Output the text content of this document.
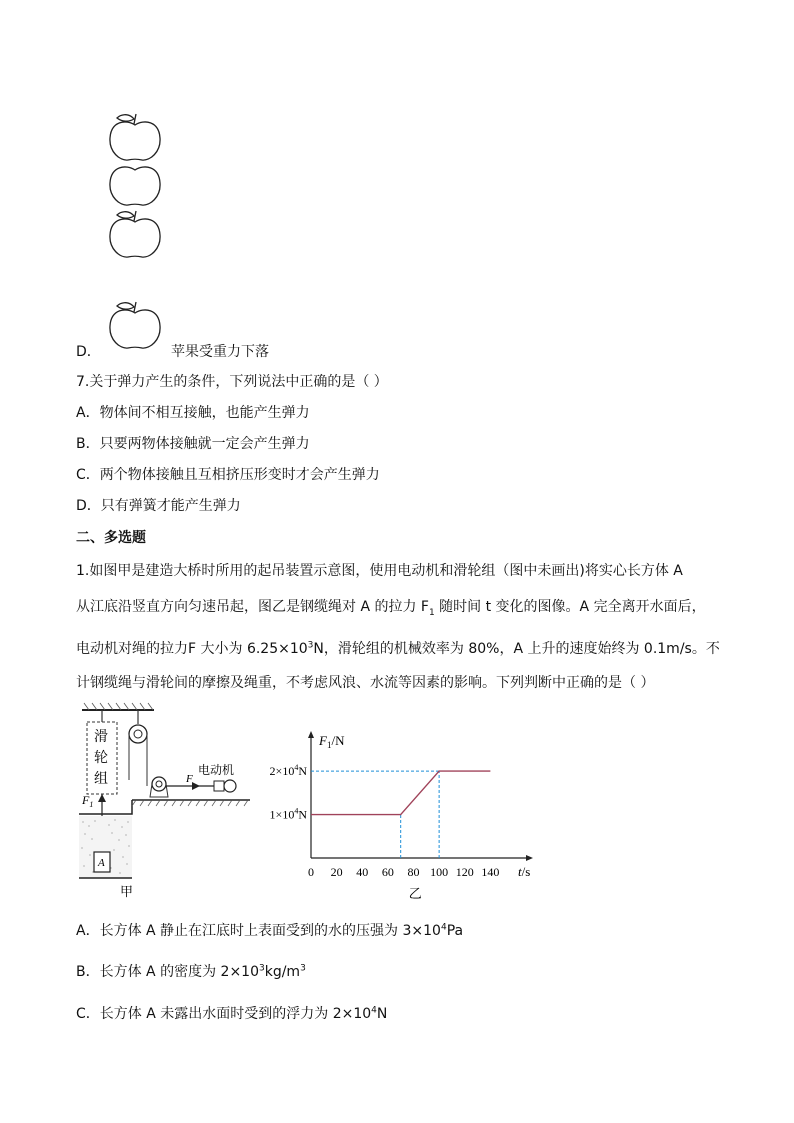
D．	苹果受重力下落
7.关于弹力产生的条件，下列说法中正确的是（ ）
A．物体间不相互接触，也能产生弹力
B．只要两物体接触就一定会产生弹力
C．两个物体接触且互相挤压形变时才会产生弹力
D．只有弹簧才能产生弹力
二、多选题
1.如图甲是建造大桥时所用的起吊装置示意图，使用电动机和滑轮组（图中未画出)将实心长方体 A
从江底沿竖直方向匀速吊起，图乙是钢缆绳对 A 的拉力 $F_1$ 随时间 t 变化的图像。A 完全离开水面后，
电动机对绳的拉力F 大小为 $6.25\times 10^3N$，滑轮组的机械效率为 80%，A 上升的速度始终为 0.1m/s。不
计钢缆绳与滑轮间的摩擦及绳重，不考虑风浪、水流等因素的影响。下列判断中正确的是（ ）
滑
轮
组	F
电动机
$F_1$
A
甲
$F_1/N$
t/s
0 20 40 60 80 100 120 140
$1\times 10^4N$
$2\times 10^4N$
乙
A．长方体 A 静止在江底时上表面受到的水的压强为 $3\times 10^4Pa$
B．长方体 A 的密度为 $2\times 10^3kg/m^3$
C．长方体 A 未露出水面时受到的浮力为 $2\times 10^4N$
